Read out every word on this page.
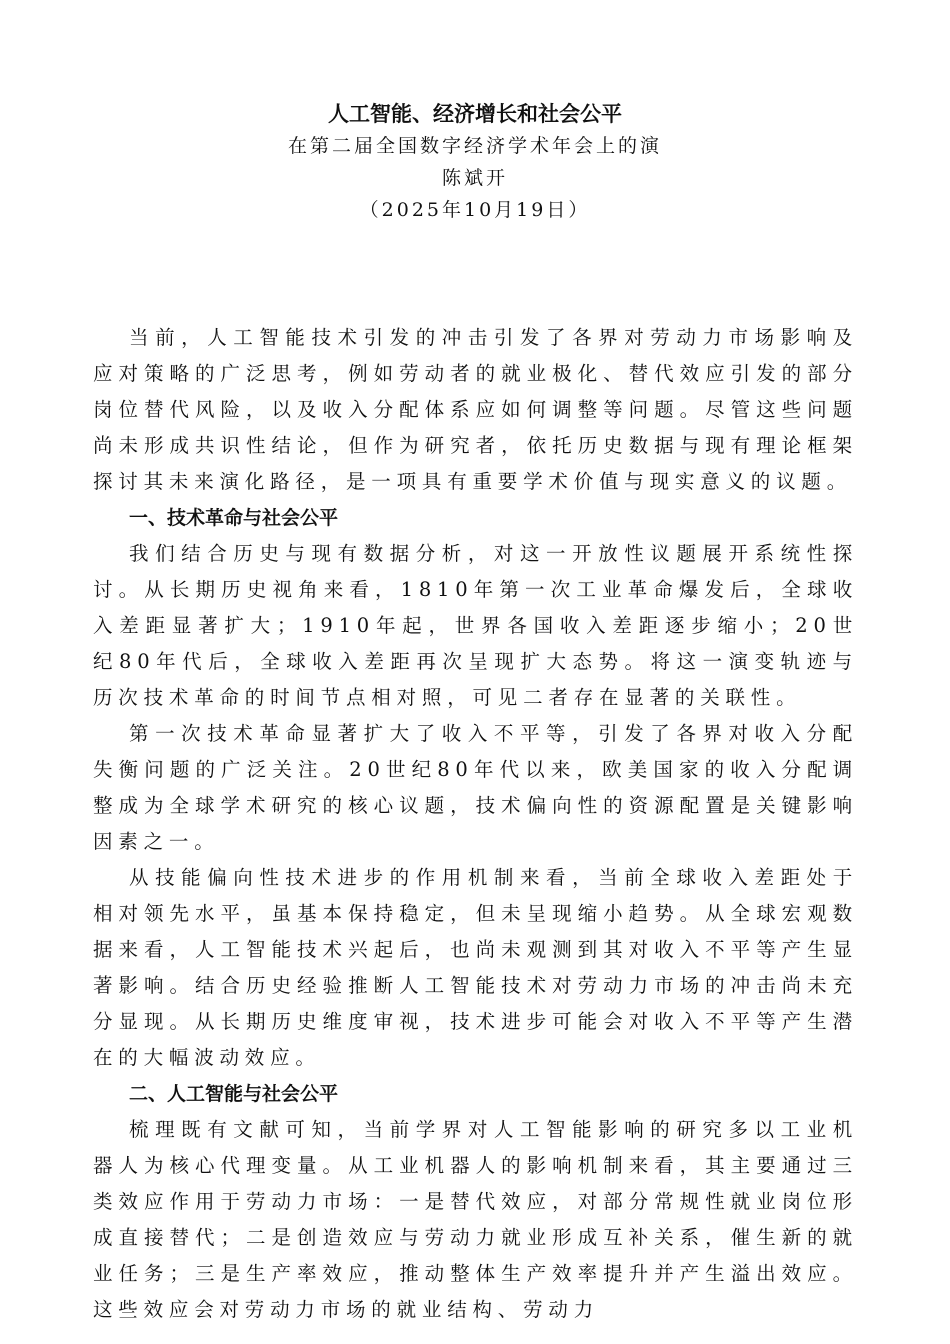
人工智能、经济增长和社会公平
在第二届全国数字经济学术年会上的演
陈斌开
（2025年10月19日）

当前，人工智能技术引发的冲击引发了各界对劳动力市场影响及应对策略的广泛思考，例如劳动者的就业极化、替代效应引发的部分岗位替代风险，以及收入分配体系应如何调整等问题。尽管这些问题尚未形成共识性结论，但作为研究者，依托历史数据与现有理论框架探讨其未来演化路径，是一项具有重要学术价值与现实意义的议题。

一、技术革命与社会公平

我们结合历史与现有数据分析，对这一开放性议题展开系统性探讨。从长期历史视角来看，1810年第一次工业革命爆发后，全球收入差距显著扩大；1910年起，世界各国收入差距逐步缩小；20世纪80年代后，全球收入差距再次呈现扩大态势。将这一演变轨迹与历次技术革命的时间节点相对照，可见二者存在显著的关联性。

第一次技术革命显著扩大了收入不平等，引发了各界对收入分配失衡问题的广泛关注。20世纪80年代以来，欧美国家的收入分配调整成为全球学术研究的核心议题，技术偏向性的资源配置是关键影响因素之一。

从技能偏向性技术进步的作用机制来看，当前全球收入差距处于相对领先水平，虽基本保持稳定，但未呈现缩小趋势。从全球宏观数据来看，人工智能技术兴起后，也尚未观测到其对收入不平等产生显著影响。结合历史经验推断人工智能技术对劳动力市场的冲击尚未充分显现。从长期历史维度审视，技术进步可能会对收入不平等产生潜在的大幅波动效应。

二、人工智能与社会公平

梳理既有文献可知，当前学界对人工智能影响的研究多以工业机器人为核心代理变量。从工业机器人的影响机制来看，其主要通过三类效应作用于劳动力市场：一是替代效应，对部分常规性就业岗位形成直接替代；二是创造效应与劳动力就业形成互补关系，催生新的就业任务；三是生产率效应，推动整体生产效率提升并产生溢出效应。这些效应会对劳动力市场的就业结构、劳动力
